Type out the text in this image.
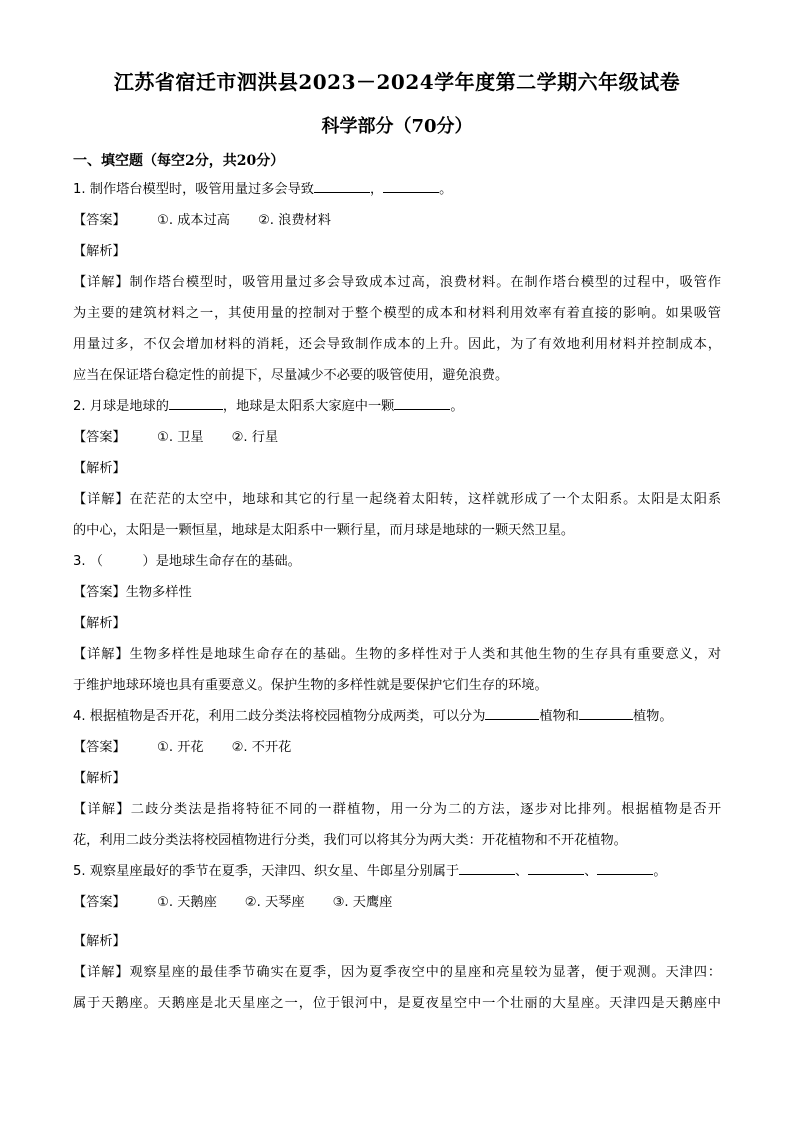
江苏省宿迁市泗洪县2023－2024学年度第二学期六年级试卷
科学部分（70分）
一、填空题（每空2分，共20分）
1. 制作塔台模型时，吸管用量过多会导致	，	。
【答案】 ①. 成本过高 ②. 浪费材料
【解析】
【详解】制作塔台模型时，吸管用量过多会导致成本过高，浪费材料。在制作塔台模型的过程中，吸管作
为主要的建筑材料之一，其使用量的控制对于整个模型的成本和材料利用效率有着直接的影响。如果吸管
用量过多，不仅会增加材料的消耗，还会导致制作成本的上升。因此，为了有效地利用材料并控制成本，
应当在保证塔台稳定性的前提下，尽量减少不必要的吸管使用，避免浪费。
2. 月球是地球的	，地球是太阳系大家庭中一颗	。
【答案】 ①. 卫星 ②. 行星
【解析】
【详解】在茫茫的太空中，地球和其它的行星一起绕着太阳转，这样就形成了一个太阳系。太阳是太阳系
的中心，太阳是一颗恒星，地球是太阳系中一颗行星，而月球是地球的一颗天然卫星。
3. （　　　）是地球生命存在的基础。
【答案】生物多样性
【解析】
【详解】生物多样性是地球生命存在的基础。生物的多样性对于人类和其他生物的生存具有重要意义，对
于维护地球环境也具有重要意义。保护生物的多样性就是要保护它们生存的环境。
4. 根据植物是否开花，利用二歧分类法将校园植物分成两类，可以分为	植物和	植物。
【答案】 ①. 开花 ②. 不开花
【解析】
【详解】二歧分类法是指将特征不同的一群植物，用一分为二的方法，逐步对比排列。根据植物是否开
花，利用二歧分类法将校园植物进行分类，我们可以将其分为两大类：开花植物和不开花植物。
5. 观察星座最好的季节在夏季，天津四、织女星、牛郎星分别属于	、	、	。
【答案】 ①. 天鹅座 ②. 天琴座 ③. 天鹰座
【解析】
【详解】观察星座的最佳季节确实在夏季，因为夏季夜空中的星座和亮星较为显著，便于观测。天津四：
属于天鹅座。天鹅座是北天星座之一，位于银河中，是夏夜星空中一个壮丽的大星座。天津四是天鹅座中
